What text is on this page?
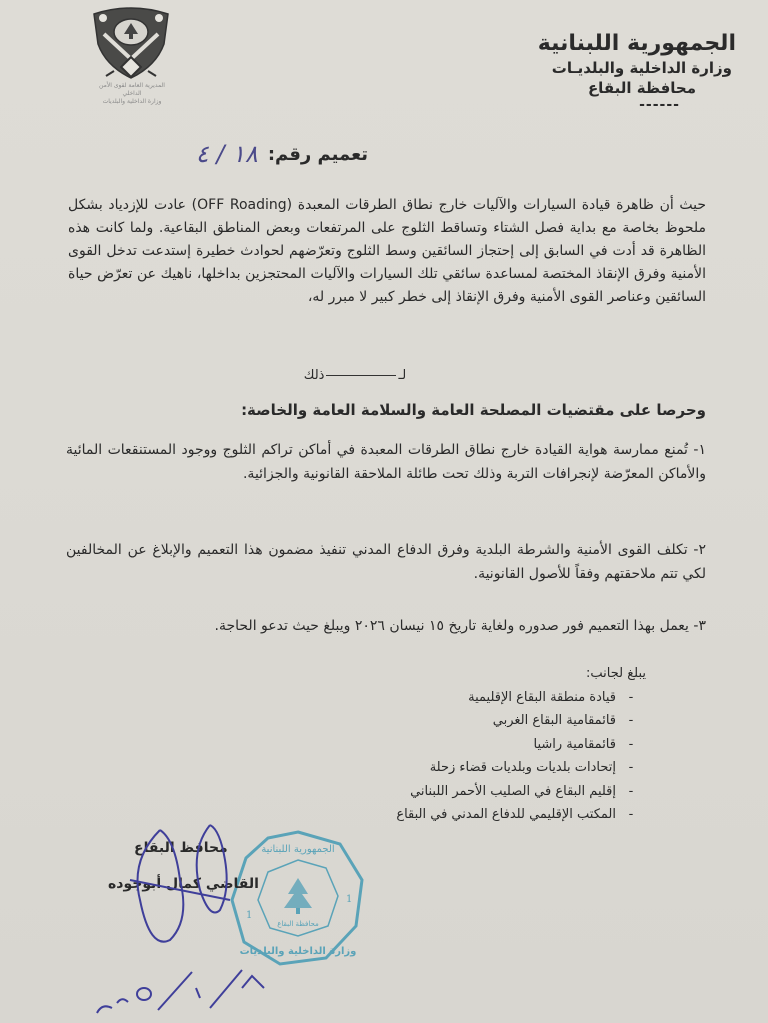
المديرية العامة لقوى الأمن الداخلي
وزارة الداخلية والبلديات
الجمهورية اللبنانية
وزارة الداخلية والبلديـات
محافظة البقاع
------
تعميم رقم:
١٨ / ٤
حيث أن ظاهرة قيادة السيارات والآليات خارج نطاق الطرقات المعبدة (OFF Roading) عادت للإزدياد بشكل ملحوظ بخاصة مع بداية فصل الشتاء وتساقط الثلوج على المرتفعات وبعض المناطق البقاعية. ولما كانت هذه الظاهرة قد أدت في السابق إلى إحتجاز السائقين وسط الثلوج وتعرّضهم لحوادث خطيرة إستدعت تدخل القوى الأمنية وفرق الإنقاذ المختصة لمساعدة سائقي تلك السيارات والآليات المحتجزين بداخلها، ناهيك عن تعرّض حياة السائقين وعناصر القوى الأمنية وفرق الإنقاذ إلى خطر كبير لا مبرر له،
لـذلك
وحرصا على مقتضيات المصلحة العامة والسلامة العامة والخاصة:
١- تُمنع ممارسة هواية القيادة خارج نطاق الطرقات المعبدة في أماكن تراكم الثلوج ووجود المستنقعات المائية والأماكن المعرّضة لإنجرافات التربة وذلك تحت طائلة الملاحقة القانونية والجزائية.
٢- تكلف القوى الأمنية والشرطة البلدية وفرق الدفاع المدني تنفيذ مضمون هذا التعميم والإبلاغ عن المخالفين لكي تتم ملاحقتهم وفقاً للأصول القانونية.
٣- يعمل بهذا التعميم فور صدوره ولغاية تاريخ ١٥ نيسان ٢٠٢٦ ويبلغ حيث تدعو الحاجة.
يبلغ لجانب:
-
قيادة منطقة البقاع الإقليمية
-
قائمقامية البقاع الغربي
-
قائمقامية راشيا
-
إتحادات بلديات وبلديات قضاء زحلة
-
إقليم البقاع في الصليب الأحمر اللبناني
-
المكتب الإقليمي للدفاع المدني في البقاع
الجمهورية اللبنانية
محافظة البقاع
وزارة الداخلية والبلديات
1
1
محافظ البقاع
القاضي كمال أبوجوده
